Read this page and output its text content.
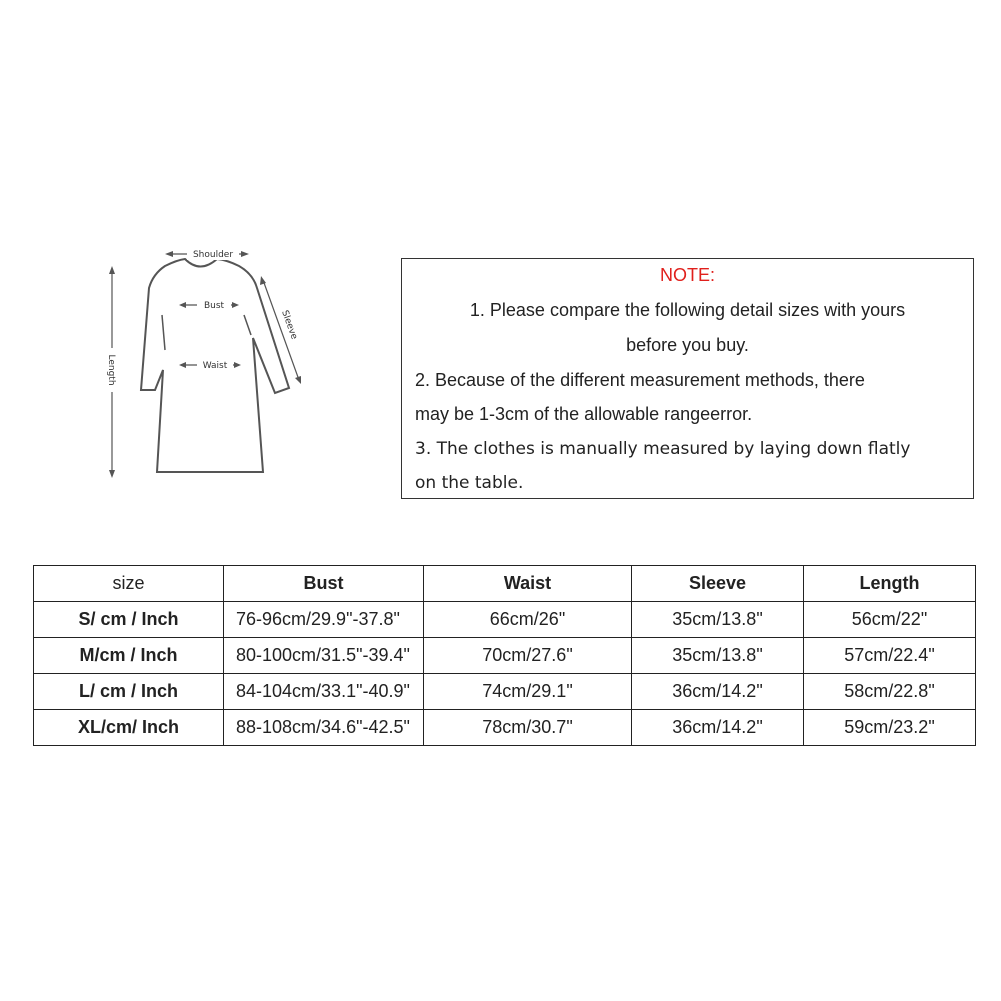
Shoulder
Bust
Waist
Sleeve
Length
NOTE:
1. Please compare the following detail sizes with yours
before you buy.
2. Because of the different measurement methods, there
may be 1-3cm of the allowable rangeerror.
3. The clothes is manually measured by laying down flatly
on the table.
size	Bust	Waist	Sleeve	Length
S/ cm / Inch	76-96cm/29.9"-37.8"	66cm/26"	35cm/13.8"	56cm/22"
M/cm / Inch	80-100cm/31.5"-39.4"	70cm/27.6"	35cm/13.8"	57cm/22.4"
L/ cm / Inch	84-104cm/33.1"-40.9"	74cm/29.1"	36cm/14.2"	58cm/22.8"
XL/cm/ Inch	88-108cm/34.6"-42.5"	78cm/30.7"	36cm/14.2"	59cm/23.2"
